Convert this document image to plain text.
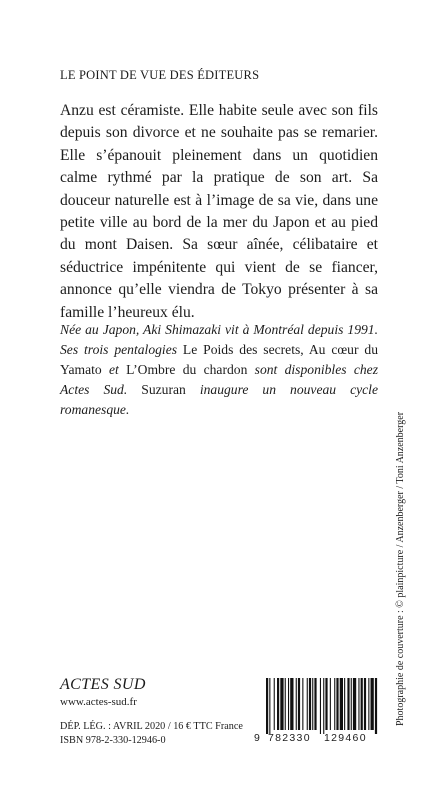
LE POINT DE VUE DES ÉDITEURS

Anzu est céramiste. Elle habite seule avec son fils depuis son divorce et ne souhaite pas se remarier. Elle s’épanouit pleinement dans un quotidien calme rythmé par la pratique de son art. Sa douceur naturelle est à l’image de sa vie, dans une petite ville au bord de la mer du Japon et au pied du mont Daisen. Sa sœur aînée, célibataire et séductrice impénitente qui vient de se fiancer, annonce qu’elle viendra de Tokyo présenter à sa famille l’heureux élu.

Née au Japon, Aki Shimazaki vit à Montréal depuis 1991. Ses trois pentalogies Le Poids des secrets, Au cœur du Yamato et L’Ombre du chardon sont disponibles chez Actes Sud. Suzuran inaugure un nouveau cycle romanesque.

Photographie de couverture : © plainpicture / Anzenberger / Toni Anzenberger
ACTES SUD
www.actes-sud.fr
DÉP. LÉG. : AVRIL 2020 / 16 € TTC France
ISBN 978-2-330-12946-0	9 782330 129460
